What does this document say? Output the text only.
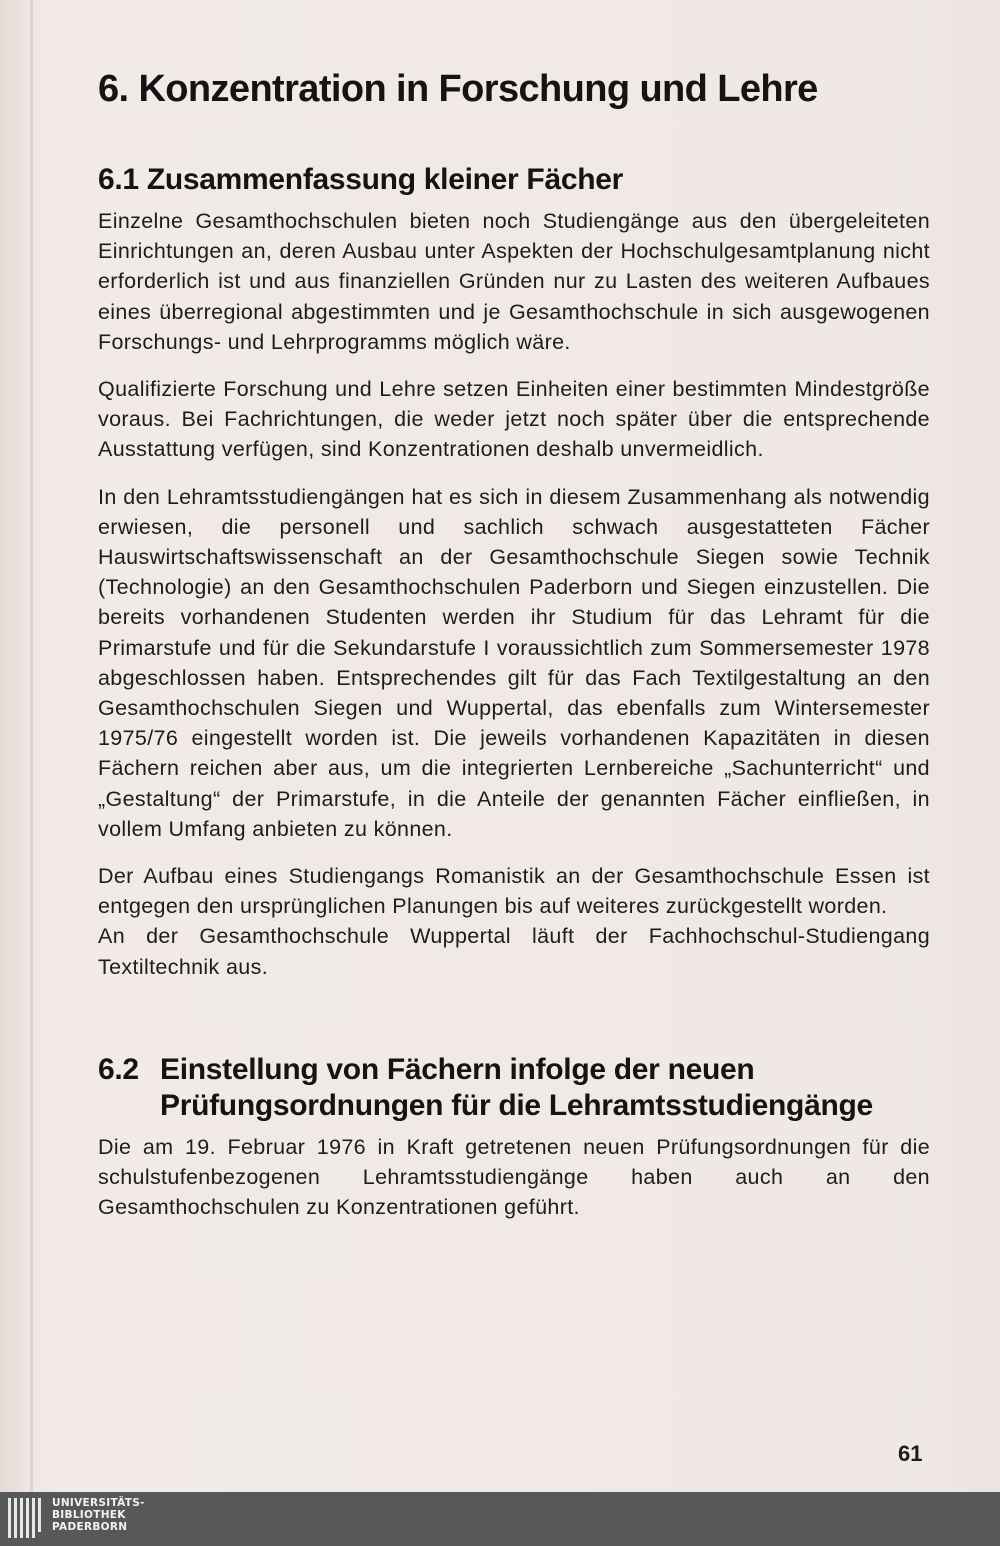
6. Konzentration in Forschung und Lehre
6.1 Zusammenfassung kleiner Fächer

Einzelne Gesamthochschulen bieten noch Studiengänge aus den übergeleiteten Einrichtungen an, deren Ausbau unter Aspekten der Hochschulgesamtplanung nicht erforderlich ist und aus finanziellen Gründen nur zu Lasten des weiteren Aufbaues eines überregional abgestimmten und je Gesamthochschule in sich ausgewogenen Forschungs- und Lehrprogramms möglich wäre.

Qualifizierte Forschung und Lehre setzen Einheiten einer bestimmten Mindestgröße voraus. Bei Fachrichtungen, die weder jetzt noch später über die entsprechende Ausstattung verfügen, sind Konzentrationen deshalb unvermeidlich.

In den Lehramtsstudiengängen hat es sich in diesem Zusammenhang als notwendig erwiesen, die personell und sachlich schwach ausgestatteten Fächer Hauswirtschaftswissenschaft an der Gesamthochschule Siegen sowie Technik (Technologie) an den Gesamthochschulen Paderborn und Siegen einzustellen. Die bereits vorhandenen Studenten werden ihr Studium für das Lehramt für die Primarstufe und für die Sekundarstufe I voraussichtlich zum Sommersemester 1978 abgeschlossen haben. Entsprechendes gilt für das Fach Textilgestaltung an den Gesamthochschulen Siegen und Wuppertal, das ebenfalls zum Wintersemester 1975/76 eingestellt worden ist. Die jeweils vorhandenen Kapazitäten in diesen Fächern reichen aber aus, um die integrierten Lernbereiche „Sachunterricht“ und „Gestaltung“ der Primarstufe, in die Anteile der genannten Fächer einfließen, in vollem Umfang anbieten zu können.

Der Aufbau eines Studiengangs Romanistik an der Gesamthochschule Essen ist entgegen den ursprünglichen Planungen bis auf weiteres zurückgestellt worden.

An der Gesamthochschule Wuppertal läuft der Fachhochschul-Studiengang Textiltechnik aus.

6.2 Einstellung von Fächern infolge der neuen Prüfungsordnungen für die Lehramtsstudiengänge

Die am 19. Februar 1976 in Kraft getretenen neuen Prüfungsordnungen für die schulstufenbezogenen Lehramtsstudiengänge haben auch an den Gesamthochschulen zu Konzentrationen geführt.

61
UNIVERSITÄTS-
BIBLIOTHEK
PADERBORN
